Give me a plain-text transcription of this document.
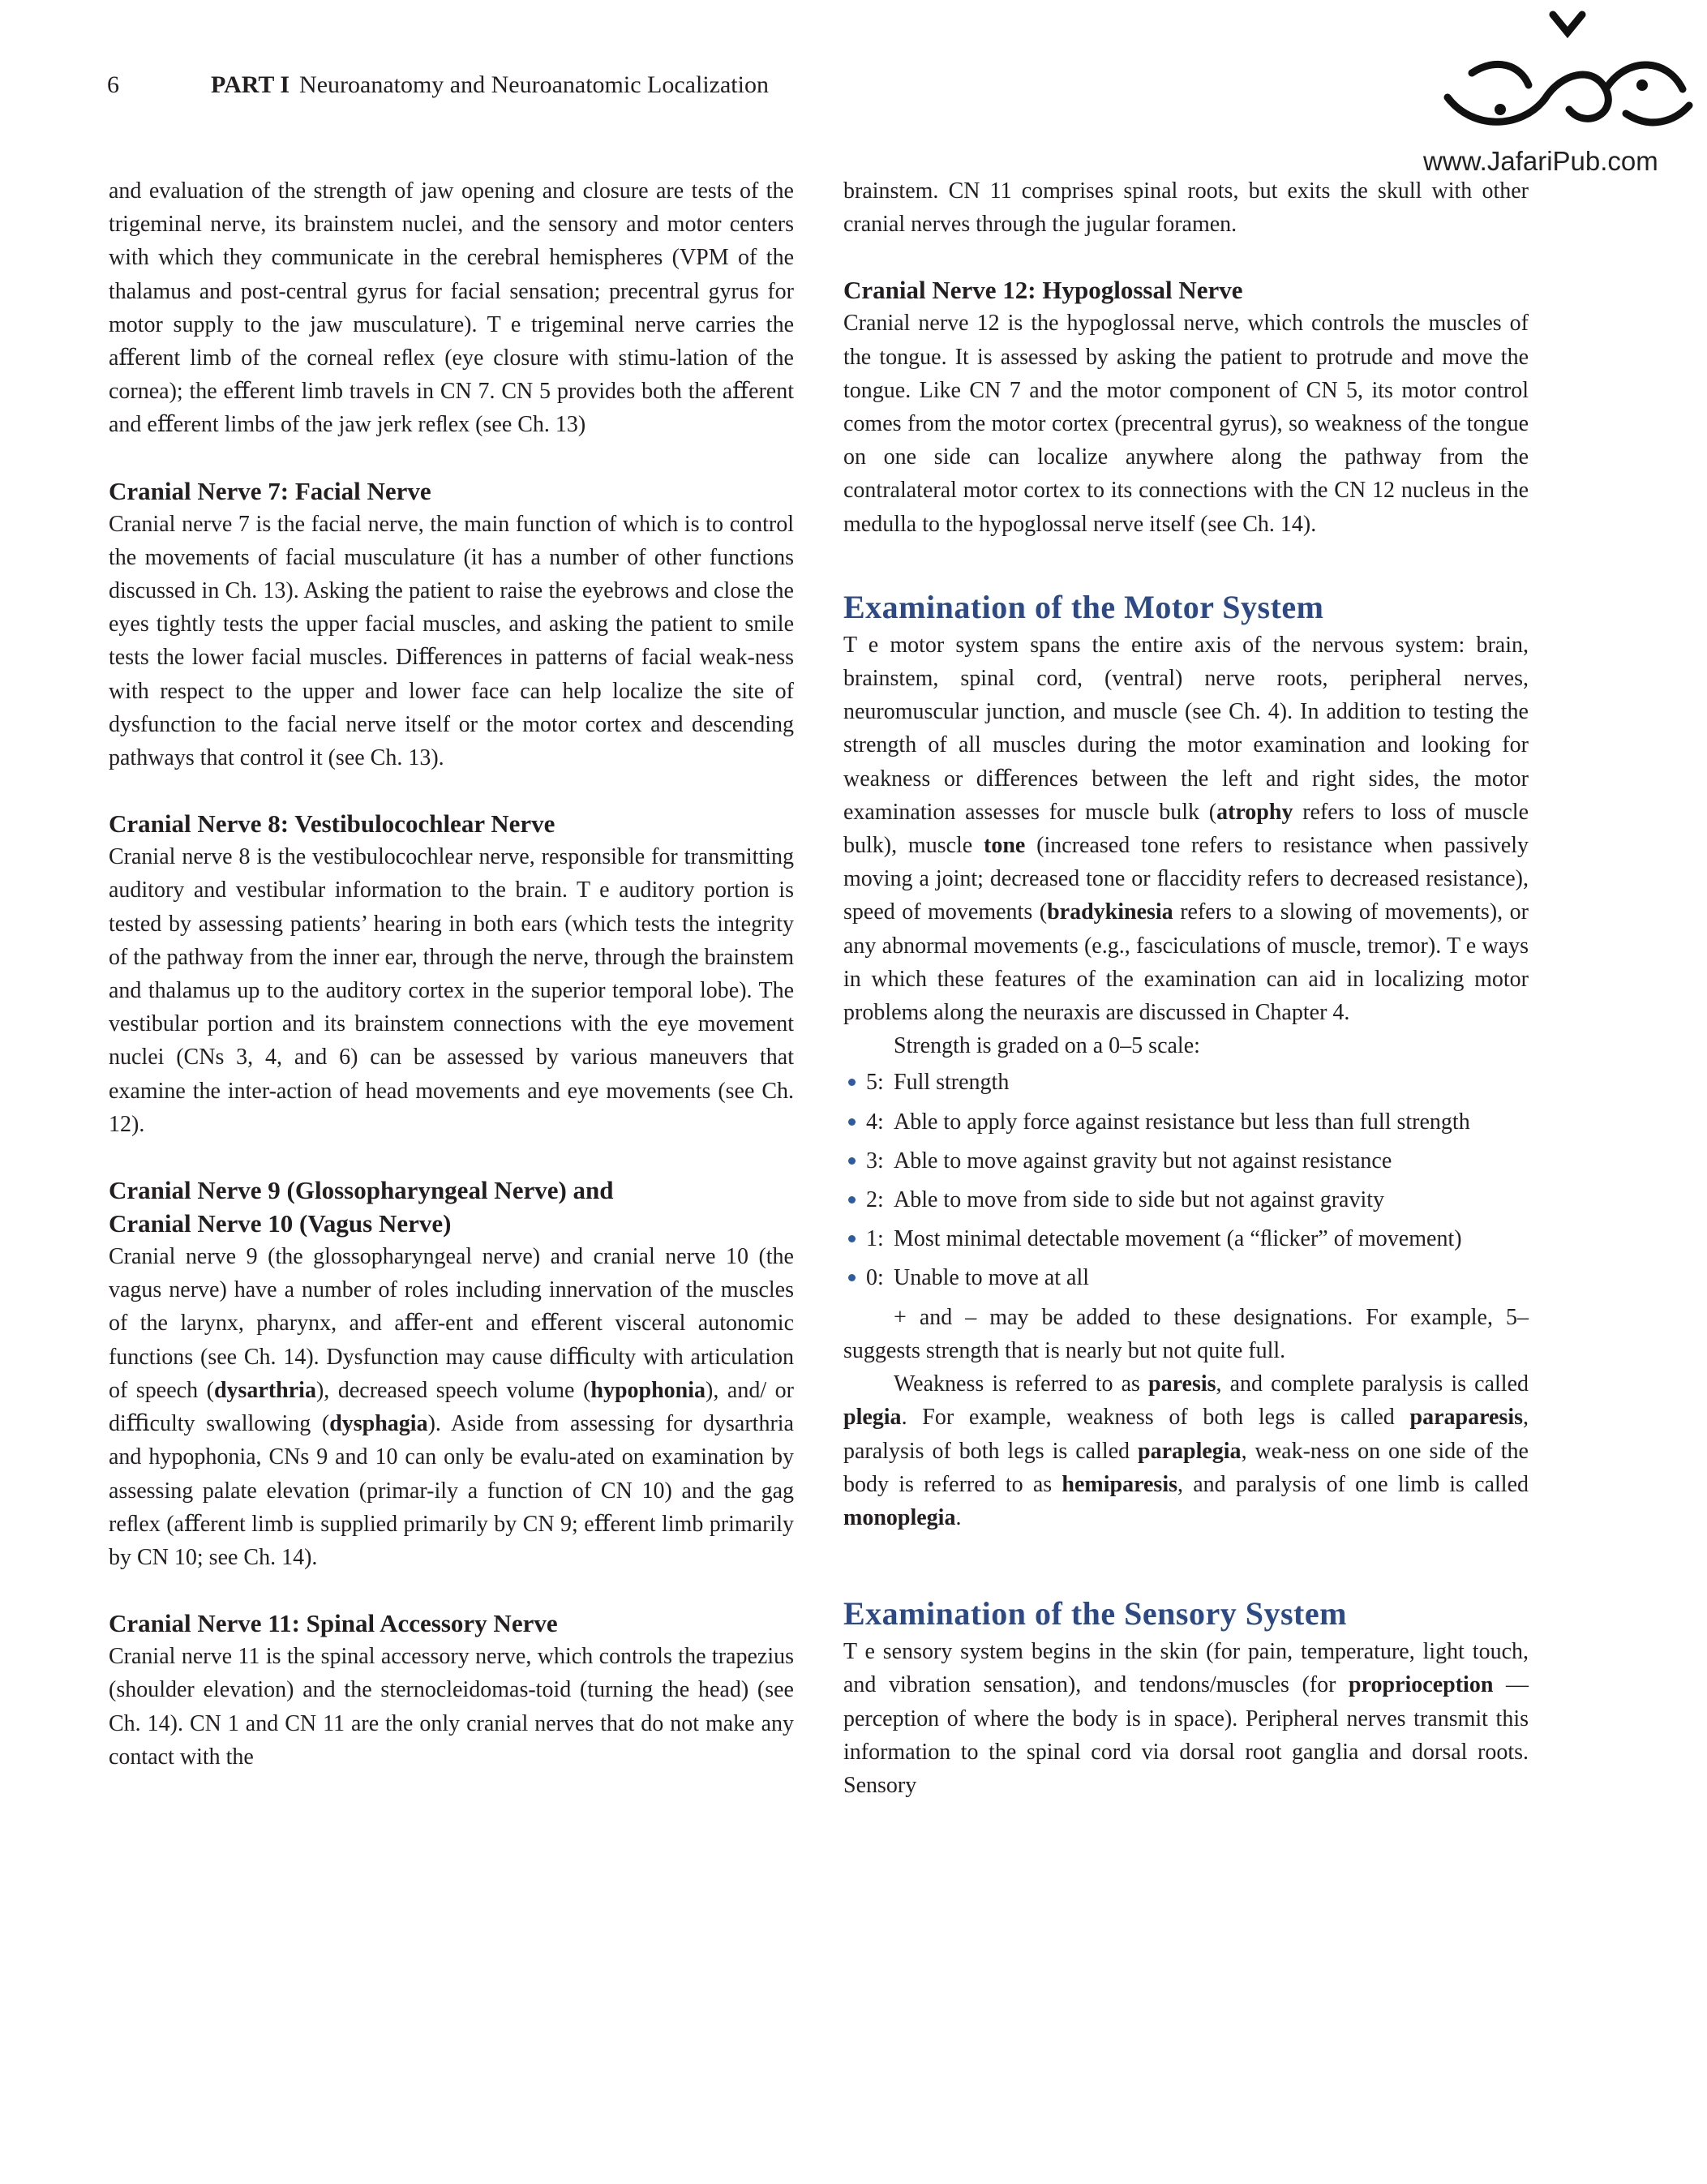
6	PART I Neuroanatomy and Neuroanatomic Localization
www.JafariPub.com

and evaluation of the strength of jaw opening and closure are tests of the trigeminal nerve, its brainstem nuclei, and the sensory and motor centers with which they communicate in the cerebral hemispheres (VPM of the thalamus and post-central gyrus for facial sensation; precentral gyrus for motor supply to the jaw musculature). T e trigeminal nerve carries the aﬀerent limb of the corneal reﬂex (eye closure with stimu-lation of the cornea); the eﬀerent limb travels in CN 7. CN 5 provides both the aﬀerent and eﬀerent limbs of the jaw jerk reﬂex (see Ch. 13)

Cranial Nerve 7: Facial Nerve

Cranial nerve 7 is the facial nerve, the main function of which is to control the movements of facial musculature (it has a number of other functions discussed in Ch. 13). Asking the patient to raise the eyebrows and close the eyes tightly tests the upper facial muscles, and asking the patient to smile tests the lower facial muscles. Diﬀerences in patterns of facial weak-ness with respect to the upper and lower face can help localize the site of dysfunction to the facial nerve itself or the motor cortex and descending pathways that control it (see Ch. 13).

Cranial Nerve 8: Vestibulocochlear Nerve

Cranial nerve 8 is the vestibulocochlear nerve, responsible for transmitting auditory and vestibular information to the brain. T e auditory portion is tested by assessing patients’ hearing in both ears (which tests the integrity of the pathway from the inner ear, through the nerve, through the brainstem and thalamus up to the auditory cortex in the superior temporal lobe). The vestibular portion and its brainstem connections with the eye movement nuclei (CNs 3, 4, and 6) can be assessed by various maneuvers that examine the inter-action of head movements and eye movements (see Ch. 12).

Cranial Nerve 9 (Glossopharyngeal Nerve) and
Cranial Nerve 10 (Vagus Nerve)

Cranial nerve 9 (the glossopharyngeal nerve) and cranial nerve 10 (the vagus nerve) have a number of roles including innervation of the muscles of the larynx, pharynx, and aﬀer-ent and eﬀerent visceral autonomic functions (see Ch. 14). Dysfunction may cause diﬃculty with articulation of speech (dysarthria), decreased speech volume (hypophonia), and/ or diﬃculty swallowing (dysphagia). Aside from assessing for dysarthria and hypophonia, CNs 9 and 10 can only be evalu-ated on examination by assessing palate elevation (primar-ily a function of CN 10) and the gag reﬂex (aﬀerent limb is supplied primarily by CN 9; eﬀerent limb primarily by CN 10; see Ch. 14).

Cranial Nerve 11: Spinal Accessory Nerve

Cranial nerve 11 is the spinal accessory nerve, which controls the trapezius (shoulder elevation) and the sternocleidomas-toid (turning the head) (see Ch. 14). CN 1 and CN 11 are the only cranial nerves that do not make any contact with the

brainstem. CN 11 comprises spinal roots, but exits the skull with other cranial nerves through the jugular foramen.

Cranial Nerve 12: Hypoglossal Nerve

Cranial nerve 12 is the hypoglossal nerve, which controls the muscles of the tongue. It is assessed by asking the patient to protrude and move the tongue. Like CN 7 and the motor component of CN 5, its motor control comes from the motor cortex (precentral gyrus), so weakness of the tongue on one side can localize anywhere along the pathway from the contralateral motor cortex to its connections with the CN 12 nucleus in the medulla to the hypoglossal nerve itself (see Ch. 14).

Examination of the Motor System

T e motor system spans the entire axis of the nervous system: brain, brainstem, spinal cord, (ventral) nerve roots, peripheral nerves, neuromuscular junction, and muscle (see Ch. 4). In addition to testing the strength of all muscles during the motor examination and looking for weakness or diﬀerences between the left and right sides, the motor examination assesses for muscle bulk (atrophy refers to loss of muscle bulk), muscle tone (increased tone refers to resistance when passively moving a joint; decreased tone or ﬂaccidity refers to decreased resistance), speed of movements (bradykinesia refers to a slowing of movements), or any abnormal movements (e.g., fasciculations of muscle, tremor). T e ways in which these features of the examination can aid in localizing motor problems along the neuraxis are discussed in Chapter 4.

Strength is graded on a 0–5 scale:

5: Full strength
4: Able to apply force against resistance but less than full strength
3: Able to move against gravity but not against resistance
2: Able to move from side to side but not against gravity
1: Most minimal detectable movement (a “ﬂicker” of movement)
0: Unable to move at all

+ and – may be added to these designations. For example, 5– suggests strength that is nearly but not quite full.

Weakness is referred to as paresis, and complete paralysis is called plegia. For example, weakness of both legs is called paraparesis, paralysis of both legs is called paraplegia, weak-ness on one side of the body is referred to as hemiparesis, and paralysis of one limb is called monoplegia.

Examination of the Sensory System

T e sensory system begins in the skin (for pain, temperature, light touch, and vibration sensation), and tendons/muscles (for proprioception — perception of where the body is in space). Peripheral nerves transmit this information to the spinal cord via dorsal root ganglia and dorsal roots. Sensory
